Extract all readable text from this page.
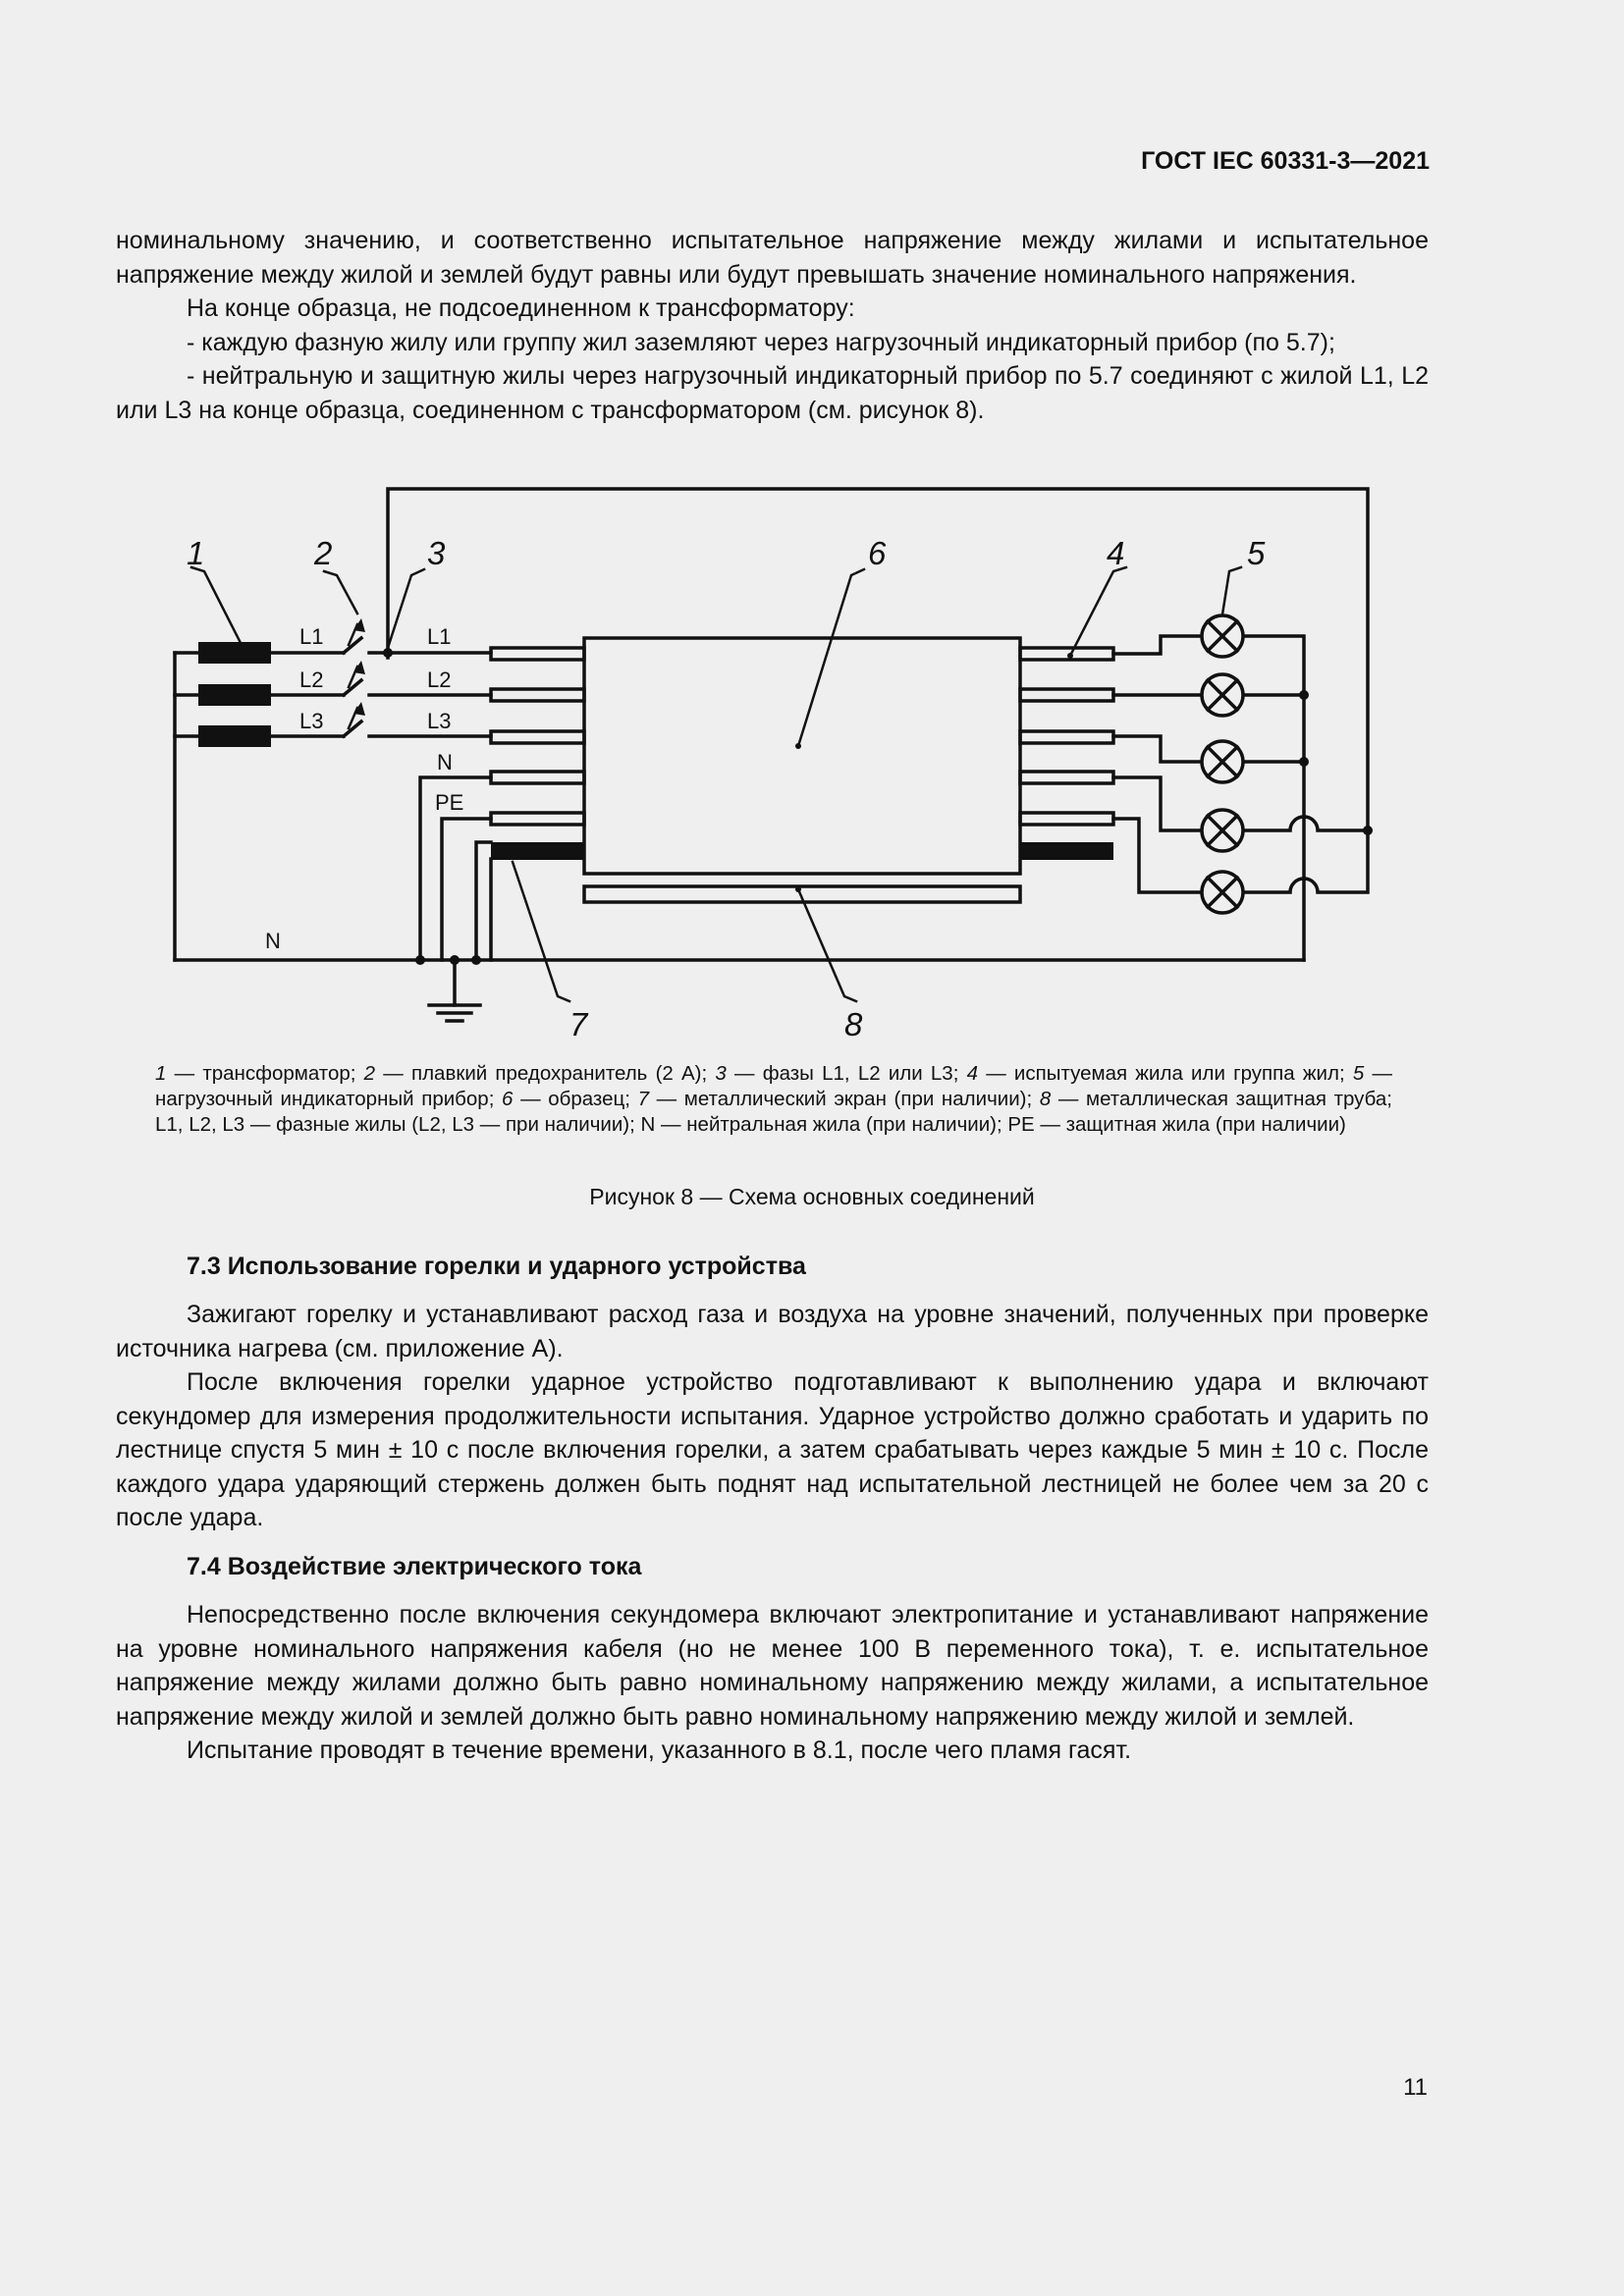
ГОСТ IEC 60331-3—2021

номинальному значению, и соответственно испытательное напряжение между жилами и испытательное напряжение между жилой и землей будут равны или будут превышать значение номинального напряжения.

На конце образца, не подсоединенном к трансформатору:

- каждую фазную жилу или группу жил заземляют через нагрузочный индикаторный прибор (по 5.7);

- нейтральную и защитную жилы через нагрузочный индикаторный прибор по 5.7 соединяют с жилой L1, L2 или L3 на конце образца, соединенном с трансформатором (см. рисунок 8).

1	2	3	6	4	5
7	8
L1
L2
L3
L1
L2
L3
N
PE
N

1 — трансформатор; 2 — плавкий предохранитель (2 A); 3 — фазы L1, L2 или L3; 4 — испытуемая жила или группа жил; 5 — нагрузочный индикаторный прибор; 6 — образец; 7 — металлический экран (при наличии); 8 — металлическая защитная труба; L1, L2, L3 — фазные жилы (L2, L3 — при наличии); N — нейтральная жила (при наличии); PE — защитная жила (при наличии)

Рисунок 8 — Схема основных соединений
7.3 Использование горелки и ударного устройства

Зажигают горелку и устанавливают расход газа и воздуха на уровне значений, полученных при проверке источника нагрева (см. приложение А).

После включения горелки ударное устройство подготавливают к выполнению удара и включают секундомер для измерения продолжительности испытания. Ударное устройство должно сработать и ударить по лестнице спустя 5 мин ± 10 с после включения горелки, а затем срабатывать через каждые 5 мин ± 10 с. После каждого удара ударяющий стержень должен быть поднят над испытательной лестницей не более чем за 20 с после удара.

7.4 Воздействие электрического тока

Непосредственно после включения секундомера включают электропитание и устанавливают напряжение на уровне номинального напряжения кабеля (но не менее 100 В переменного тока), т. е. испытательное напряжение между жилами должно быть равно номинальному напряжению между жилами, а испытательное напряжение между жилой и землей должно быть равно номинальному напряжению между жилой и землей.

Испытание проводят в течение времени, указанного в 8.1, после чего пламя гасят.

11
